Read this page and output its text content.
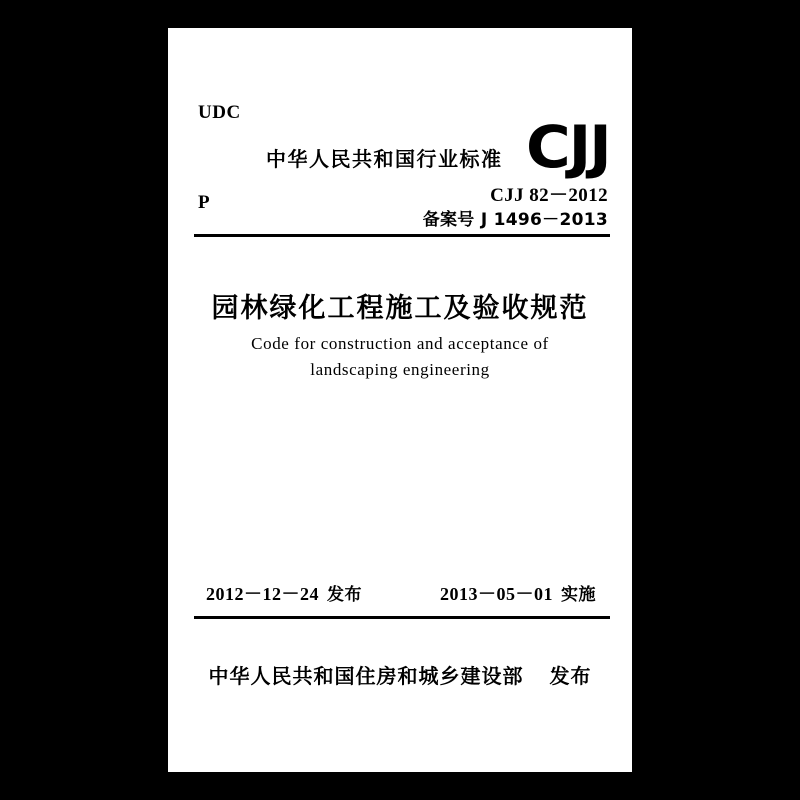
UDC
P
中华人民共和国行业标准 CJJ
CJJ 82－2012
备案号 J 1496－2013
园林绿化工程施工及验收规范
Code for construction and acceptance of
landscaping engineering
2012－12－24 发布	2013－05－01 实施
中华人民共和国住房和城乡建设部 发布
